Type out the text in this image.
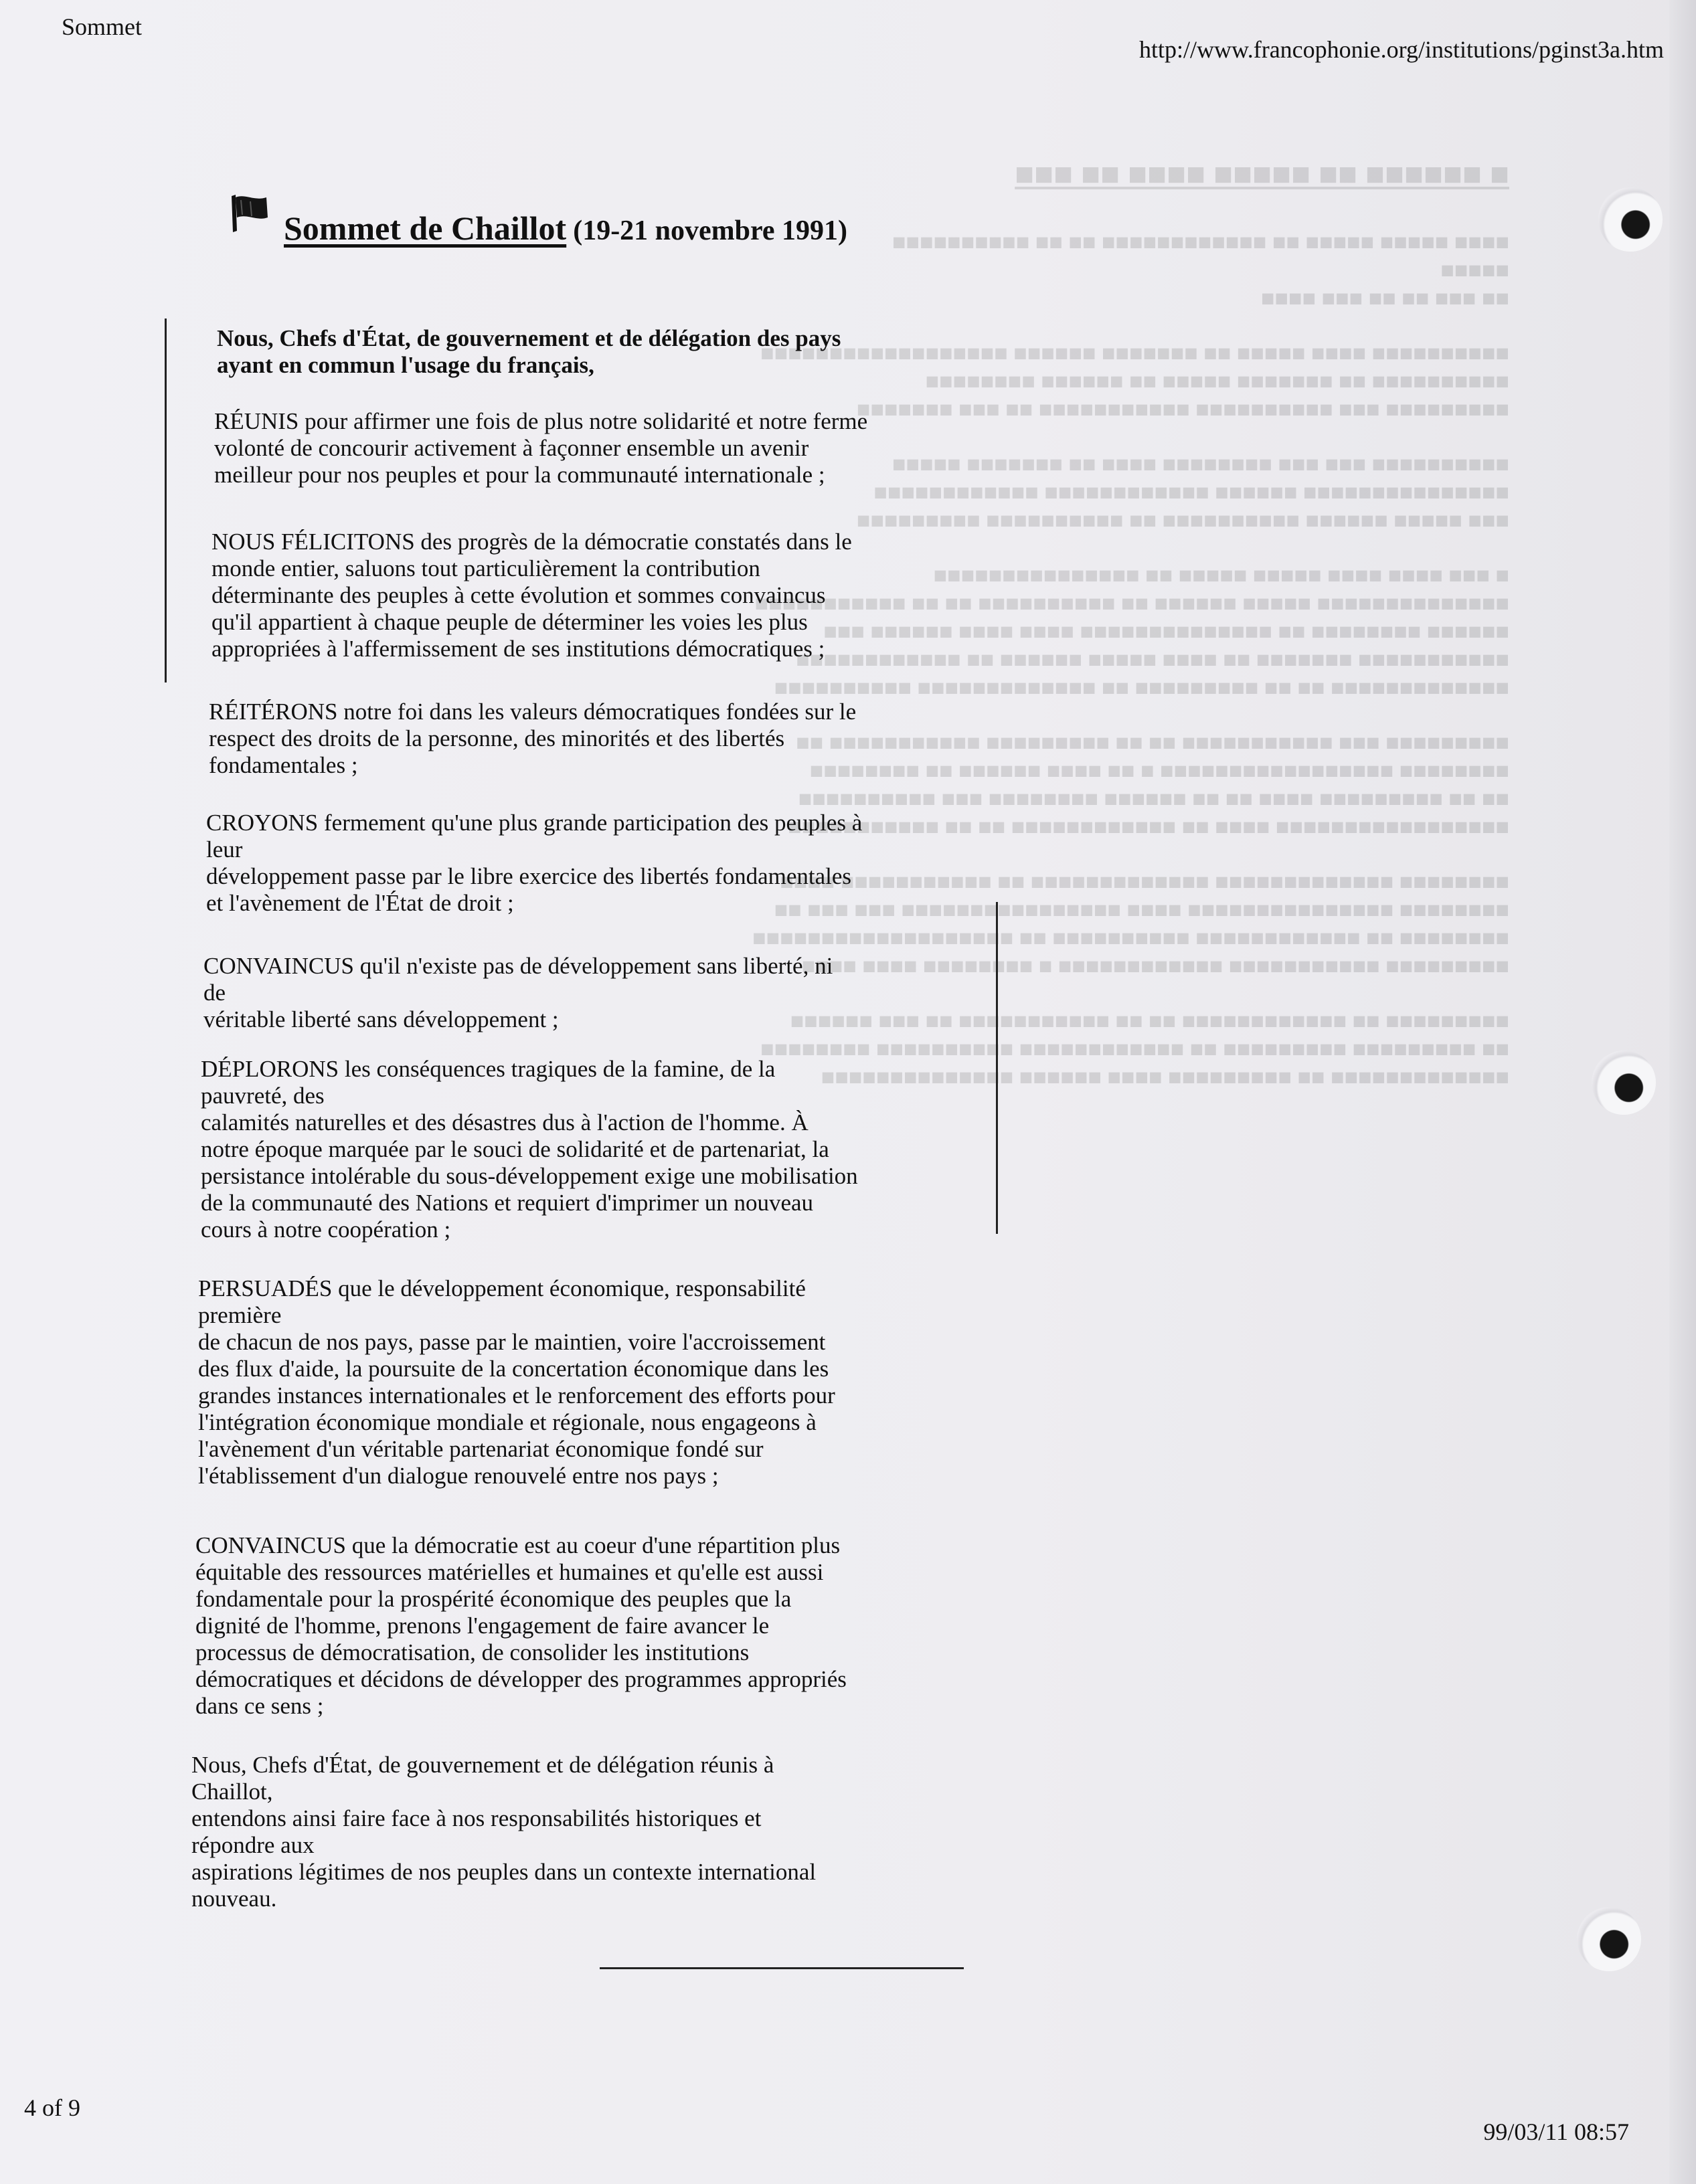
■ ■■■■■■ ■■ ■■■■■ ■■■■ ■■ ■■■
■■■■ ■■■■■ ■■■■■ ■■ ■■■■■■■■■■■■ ■■ ■■ ■■■■■■■■■■
■■■■■
■■ ■■■ ■■ ■■ ■■■ ■■■■
■■■■■■■■■■ ■■■■ ■■■■■ ■■ ■■■■■■■ ■■■■■■ ■■■■■■■■■■■■■■■■■■
■■■■■■■■■■ ■■ ■■■■■■■ ■■■■■ ■■ ■■■■■■ ■■■■■■■■
■■■■■■■■■ ■■■ ■■■■■■■■■■ ■■■■■■■■■■■ ■■ ■■■ ■■■■■■■
■■■■■■■■■■ ■■■ ■■■ ■■■■■■■■ ■■■■ ■■ ■■■■■■■ ■■■■■
■■■■■■■■■■■■■■■ ■■■■■■ ■■■■■■■■■■■■ ■■■■■■■■■■■■
■■■ ■■■■■ ■■■■■■ ■■■■■■■■■■ ■■ ■■■■■■■■■■ ■■■■■■■■■
■ ■■■ ■■■■ ■■■■ ■■■■■ ■■■■■ ■■ ■■■■■■■■■■■■■■■
■■■■■■■■■■■■■■ ■■■■■ ■■■■■■ ■■ ■■■■■■■■■■ ■■ ■■ ■■■■■■■■■■■
■■■■■■ ■■■■■■■■ ■■ ■■■■■■■■■■■■■■ ■■■■ ■■■■ ■■■■■■ ■■■
■■■■■■■■■■■ ■■■■■■■ ■■ ■■■■ ■■■■■ ■■■■■■ ■■ ■■■■■■■■■■■■
■■■■■■■■■■■■■ ■■ ■■ ■■■■■■■■■ ■■ ■■■■■■■■■■■■■ ■■■■■■■■■■
■■■■■■■■■ ■■■ ■■■■■■■■■■■ ■■ ■■ ■■■■■■■■■ ■■■■■■■■■■■ ■■
■■■■■■■■ ■■■■■■■■■■■■■■■■■ ■ ■■ ■■■■ ■■■■■■ ■■ ■■■■■■■■
■■ ■■ ■■■■■■■■■ ■■■■ ■■ ■■ ■■■■■■ ■■■■■■■■ ■■■ ■■■■■■■■■■
■■■■■■■■■■■■■■■■■ ■■■■ ■■ ■■■■■■■■■■■■ ■■ ■■ ■■■■■■■■■■■
■■■■■■■■ ■■■■■■■■■■■■■ ■■■■■■■■■■■■■ ■■ ■■■■■■■■■■■ ■■■■
■■■■■■■■ ■■■■■■■■■■■■■■■ ■■■■ ■■■■■■■■■■■■■■■■ ■■■ ■■■ ■■
■■■■■■■■ ■■ ■■■■■■■■■■■■ ■■■■■■■■■■ ■■ ■■■■■■■■■■■■■■■■■■■
■■■■■■■■■ ■■■■■■■■■■■ ■■■■■■■■■■■■ ■ ■■■■■■■■ ■■■■ ■■■■
■■■■■■■■■ ■■ ■■■■■■■■■■■■ ■■ ■■ ■■■■■■■■■■■ ■■ ■■■ ■■■■■■
■■ ■■■■■■■■■ ■■■■■■■■■ ■■ ■■■■■■■■■■■■ ■■■■■■■■■■ ■■■■■■■■
■■■■■■■■■■■■■ ■■ ■■■■■■■■■ ■■■■ ■■■■■■ ■■■■■■■■■■■■■■
Sommet
http://www.francophonie.org/institutions/pginst3a.htm
Sommet de Chaillot (19-21 novembre 1991)
Nous, Chefs d'État, de gouvernement et de délégation des pays
ayant en commun l'usage du français,
RÉUNIS pour affirmer une fois de plus notre solidarité et notre ferme
volonté de concourir activement à façonner ensemble un avenir
meilleur pour nos peuples et pour la communauté internationale ;
NOUS FÉLICITONS des progrès de la démocratie constatés dans le
monde entier, saluons tout particulièrement la contribution
déterminante des peuples à cette évolution et sommes convaincus
qu'il appartient à chaque peuple de déterminer les voies les plus
appropriées à l'affermissement de ses institutions démocratiques ;
RÉITÉRONS notre foi dans les valeurs démocratiques fondées sur le
respect des droits de la personne, des minorités et des libertés
fondamentales ;
CROYONS fermement qu'une plus grande participation des peuples à
leur
développement passe par le libre exercice des libertés fondamentales
et l'avènement de l'État de droit ;
CONVAINCUS qu'il n'existe pas de développement sans liberté, ni
de
véritable liberté sans développement ;
DÉPLORONS les conséquences tragiques de la famine, de la
pauvreté, des
calamités naturelles et des désastres dus à l'action de l'homme. À
notre époque marquée par le souci de solidarité et de partenariat, la
persistance intolérable du sous-développement exige une mobilisation
de la communauté des Nations et requiert d'imprimer un nouveau
cours à notre coopération ;
PERSUADÉS que le développement économique, responsabilité
première
de chacun de nos pays, passe par le maintien, voire l'accroissement
des flux d'aide, la poursuite de la concertation économique dans les
grandes instances internationales et le renforcement des efforts pour
l'intégration économique mondiale et régionale, nous engageons à
l'avènement d'un véritable partenariat économique fondé sur
l'établissement d'un dialogue renouvelé entre nos pays ;
CONVAINCUS que la démocratie est au coeur d'une répartition plus
équitable des ressources matérielles et humaines et qu'elle est aussi
fondamentale pour la prospérité économique des peuples que la
dignité de l'homme, prenons l'engagement de faire avancer le
processus de démocratisation, de consolider les institutions
démocratiques et décidons de développer des programmes appropriés
dans ce sens ;
Nous, Chefs d'État, de gouvernement et de délégation réunis à
Chaillot,
entendons ainsi faire face à nos responsabilités historiques et
répondre aux
aspirations légitimes de nos peuples dans un contexte international
nouveau.
4 of 9
99/03/11 08:57
